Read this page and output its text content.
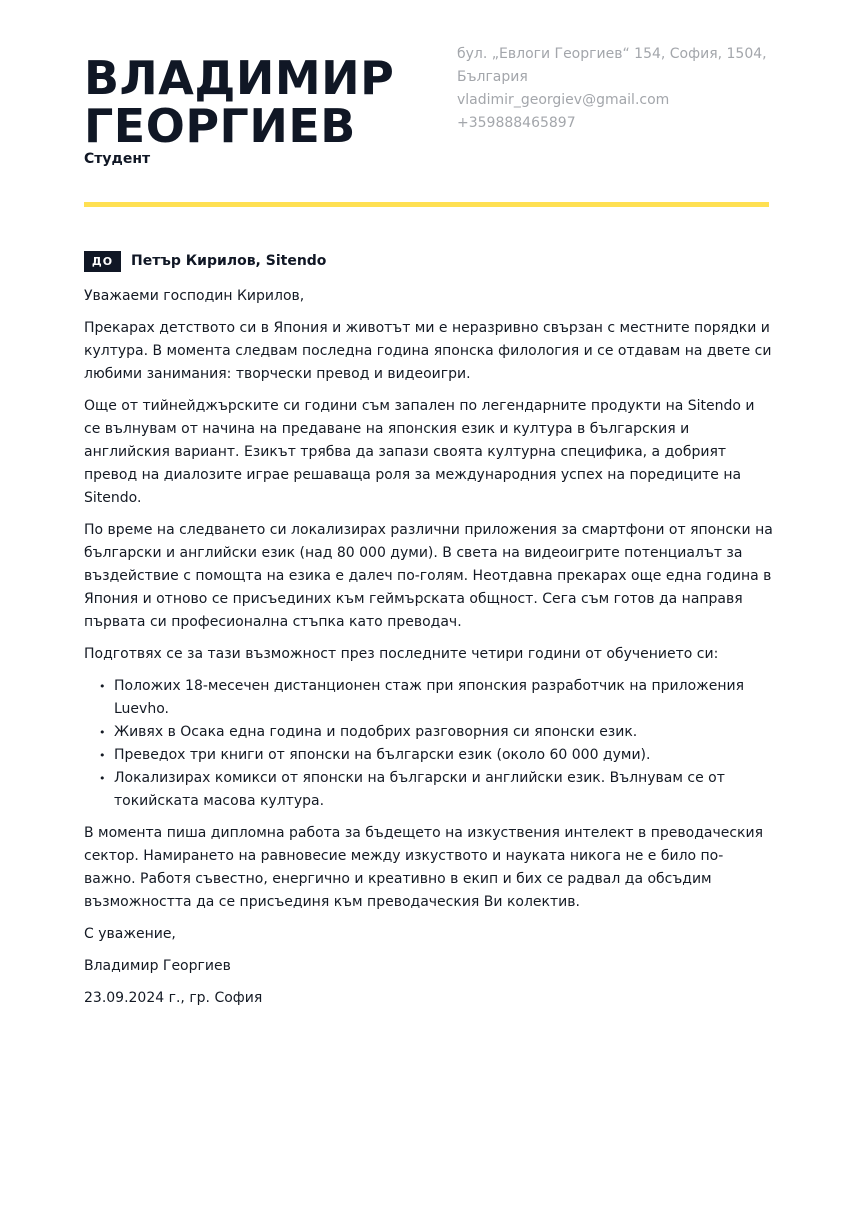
ВЛАДИМИР
ГЕОРГИЕВ
Студент
бул. „Евлоги Георгиев“ 154, София, 1504,
България
vladimir_georgiev@gmail.com
+359888465897
ДО	Петър Кирилов, Sitendo

Уважаеми господин Кирилов,

Прекарах детството си в Япония и животът ми е неразривно свързан с местните порядки и култура. В момента следвам последна година японска филология и се отдавам на двете си любими занимания: творчески превод и видеоигри.

Още от тийнейджърските си години съм запален по легендарните продукти на Sitendo и се вълнувам от начина на предаване на японския език и култура в българския и английския вариант. Езикът трябва да запази своята културна специфика, а добрият превод на диалозите играе решаваща роля за международния успех на поредиците на Sitendo.

По време на следването си локализирах различни приложения за смартфони от японски на български и английски език (над 80 000 думи). В света на видеоигрите потенциалът за въздействие с помощта на езика е далеч по-голям. Неотдавна прекарах още една година в Япония и отново се присъединих към геймърската общност. Сега съм готов да направя първата си професионална стъпка като преводач.

Подготвях се за тази възможност през последните четири години от обучението си:

• Положих 18-месечен дистанционен стаж при японския разработчик на приложения Luevho.
• Живях в Осака една година и подобрих разговорния си японски език.
• Преведох три книги от японски на български език (около 60 000 думи).
• Локализирах комикси от японски на български и английски език. Вълнувам се от токийската масова култура.

В момента пиша дипломна работа за бъдещето на изкуствения интелект в преводаческия сектор. Намирането на равновесие между изкуството и науката никога не е било по-важно. Работя съвестно, енергично и креативно в екип и бих се радвал да обсъдим възможността да се присъединя към преводаческия Ви колектив.

С уважение,

Владимир Георгиев

23.09.2024 г., гр. София
